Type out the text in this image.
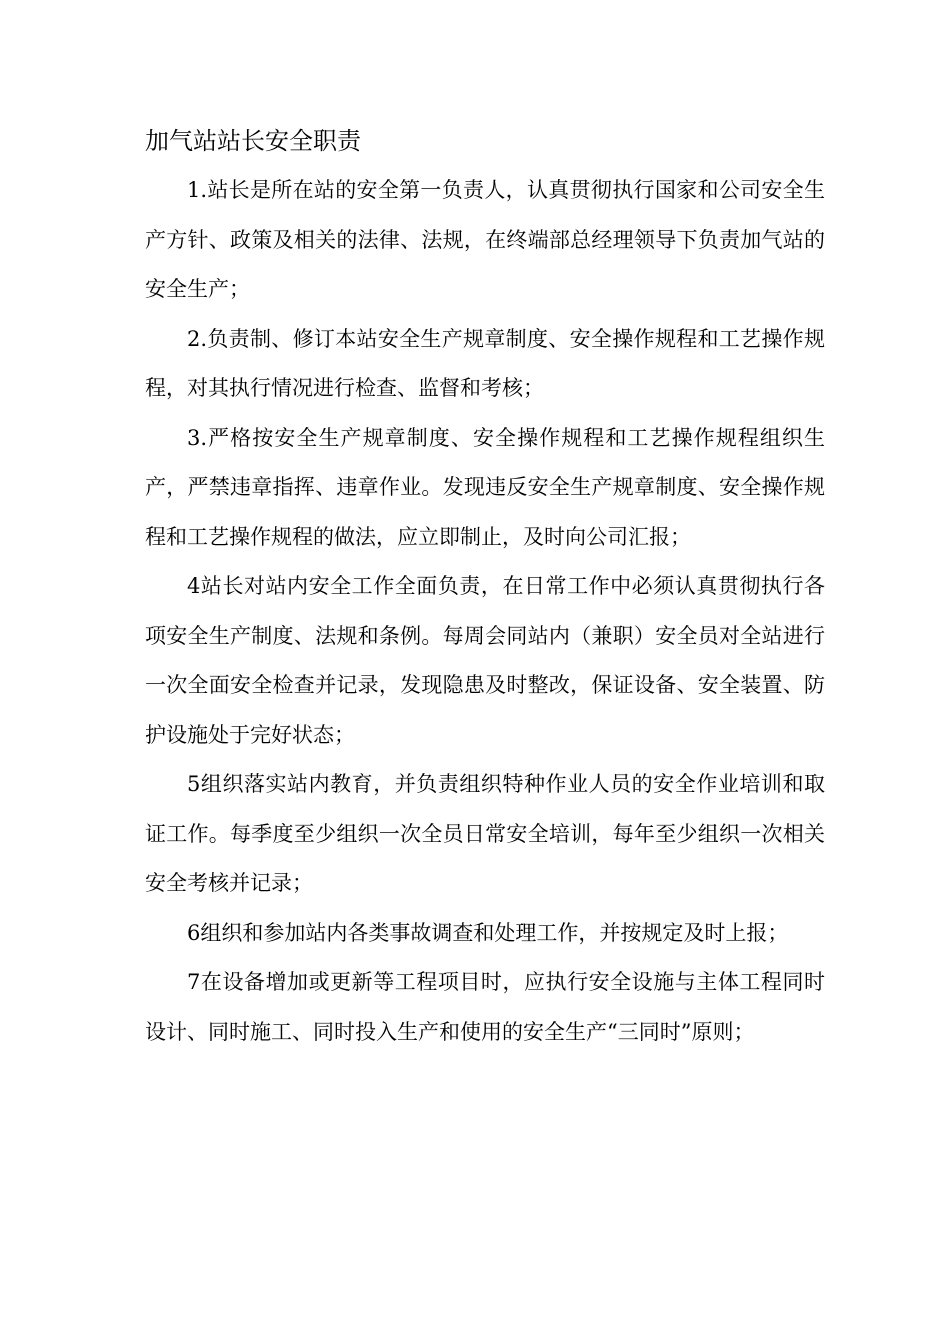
加气站站长安全职责

1.站长是所在站的安全第一负责人，认真贯彻执行国家和公司安全生产方针、政策及相关的法律、法规，在终端部总经理领导下负责加气站的安全生产；

2.负责制、修订本站安全生产规章制度、安全操作规程和工艺操作规程，对其执行情况进行检查、监督和考核；

3.严格按安全生产规章制度、安全操作规程和工艺操作规程组织生产，严禁违章指挥、违章作业。发现违反安全生产规章制度、安全操作规程和工艺操作规程的做法，应立即制止，及时向公司汇报；

4站长对站内安全工作全面负责，在日常工作中必须认真贯彻执行各项安全生产制度、法规和条例。每周会同站内（兼职）安全员对全站进行一次全面安全检查并记录，发现隐患及时整改，保证设备、安全装置、防护设施处于完好状态；

5组织落实站内教育，并负责组织特种作业人员的安全作业培训和取证工作。每季度至少组织一次全员日常安全培训，每年至少组织一次相关安全考核并记录；

6组织和参加站内各类事故调查和处理工作，并按规定及时上报；

7在设备增加或更新等工程项目时，应执行安全设施与主体工程同时设计、同时施工、同时投入生产和使用的安全生产“三同时”原则；
